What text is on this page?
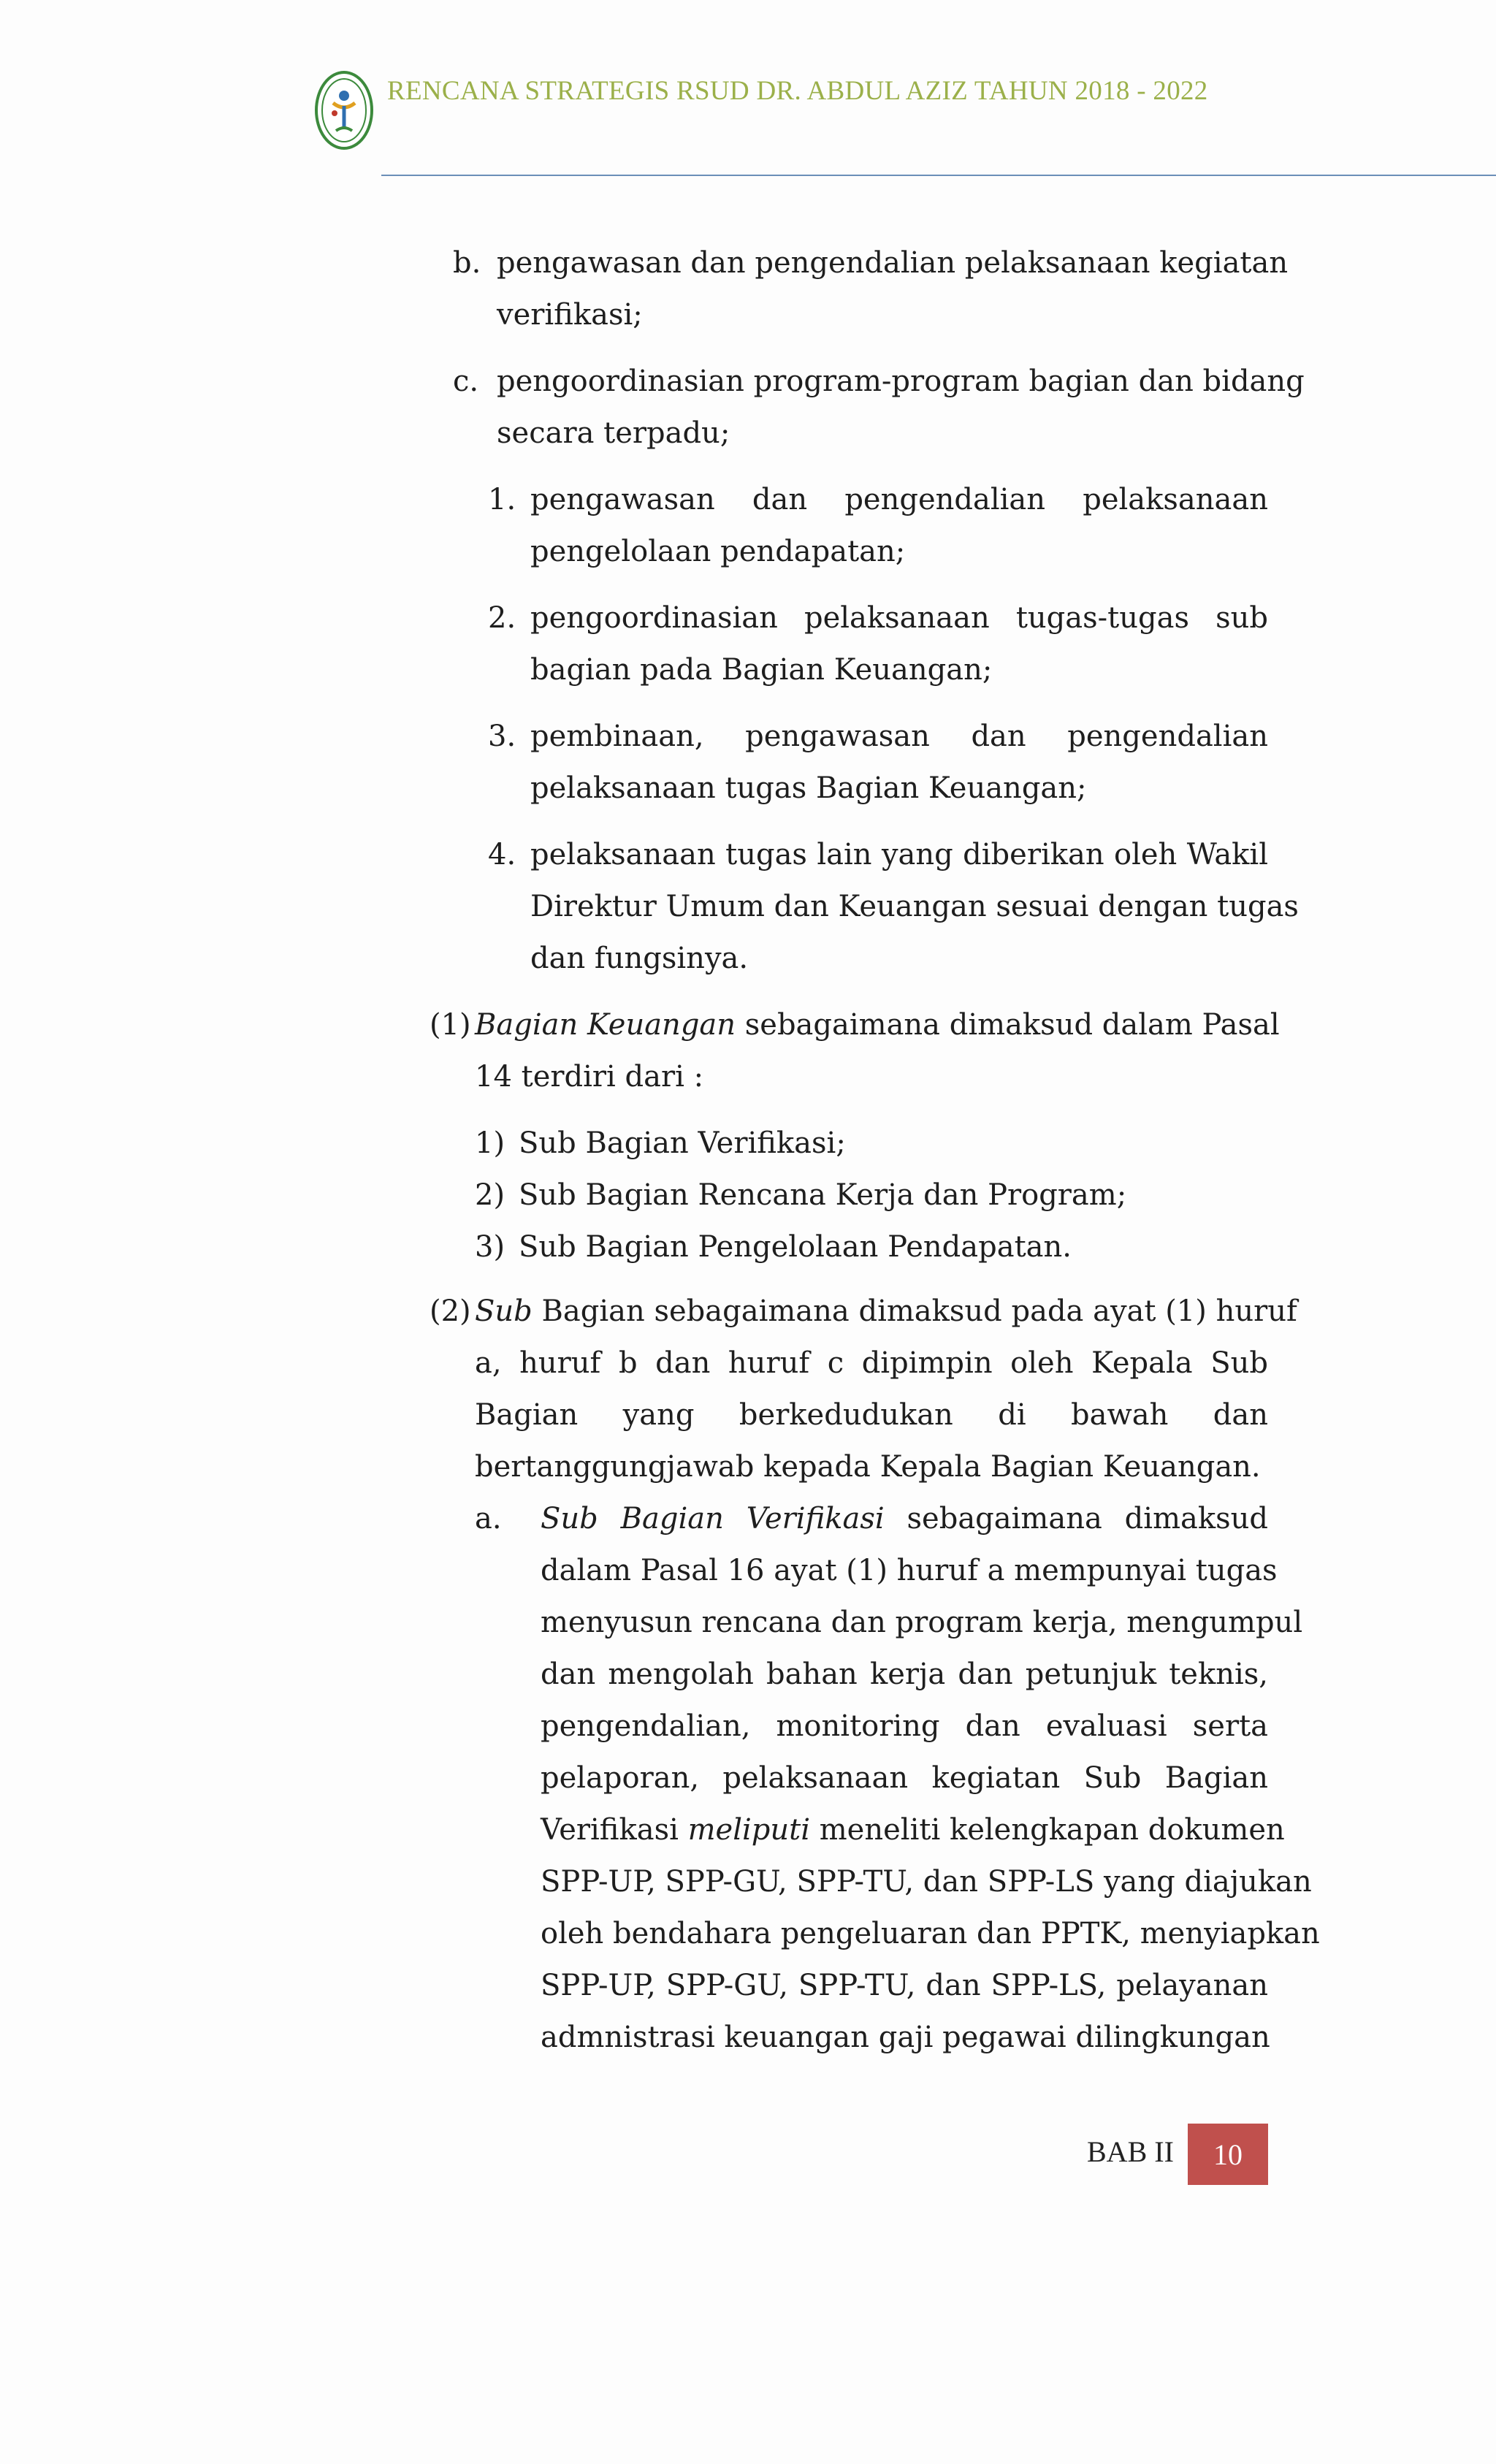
RENCANA STRATEGIS RSUD DR. ABDUL AZIZ TAHUN 2018 - 2022
b. pengawasan dan pengendalian pelaksanaan kegiatan
verifikasi;
c. pengoordinasian program-program bagian dan bidang
secara terpadu;
1. pengawasan dan pengendalian pelaksanaan
pengelolaan pendapatan;
2. pengoordinasian pelaksanaan tugas-tugas sub
bagian pada Bagian Keuangan;
3. pembinaan, pengawasan dan pengendalian
pelaksanaan tugas Bagian Keuangan;
4. pelaksanaan tugas lain yang diberikan oleh Wakil
Direktur Umum dan Keuangan sesuai dengan tugas
dan fungsinya.
(1) Bagian Keuangan sebagaimana dimaksud dalam Pasal
14 terdiri dari :
1) Sub Bagian Verifikasi;
2) Sub Bagian Rencana Kerja dan Program;
3) Sub Bagian Pengelolaan Pendapatan.
(2) Sub Bagian sebagaimana dimaksud pada ayat (1) huruf
a, huruf b dan huruf c dipimpin oleh Kepala Sub
Bagian yang berkedudukan di bawah dan
bertanggungjawab kepada Kepala Bagian Keuangan.
a. Sub Bagian Verifikasi sebagaimana dimaksud
dalam Pasal 16 ayat (1) huruf a mempunyai tugas
menyusun rencana dan program kerja, mengumpul
dan mengolah bahan kerja dan petunjuk teknis,
pengendalian, monitoring dan evaluasi serta
pelaporan, pelaksanaan kegiatan Sub Bagian
Verifikasi meliputi meneliti kelengkapan dokumen
SPP-UP, SPP-GU, SPP-TU, dan SPP-LS yang diajukan
oleh bendahara pengeluaran dan PPTK, menyiapkan
SPP-UP, SPP-GU, SPP-TU, dan SPP-LS, pelayanan
admnistrasi keuangan gaji pegawai dilingkungan
BAB II	10
